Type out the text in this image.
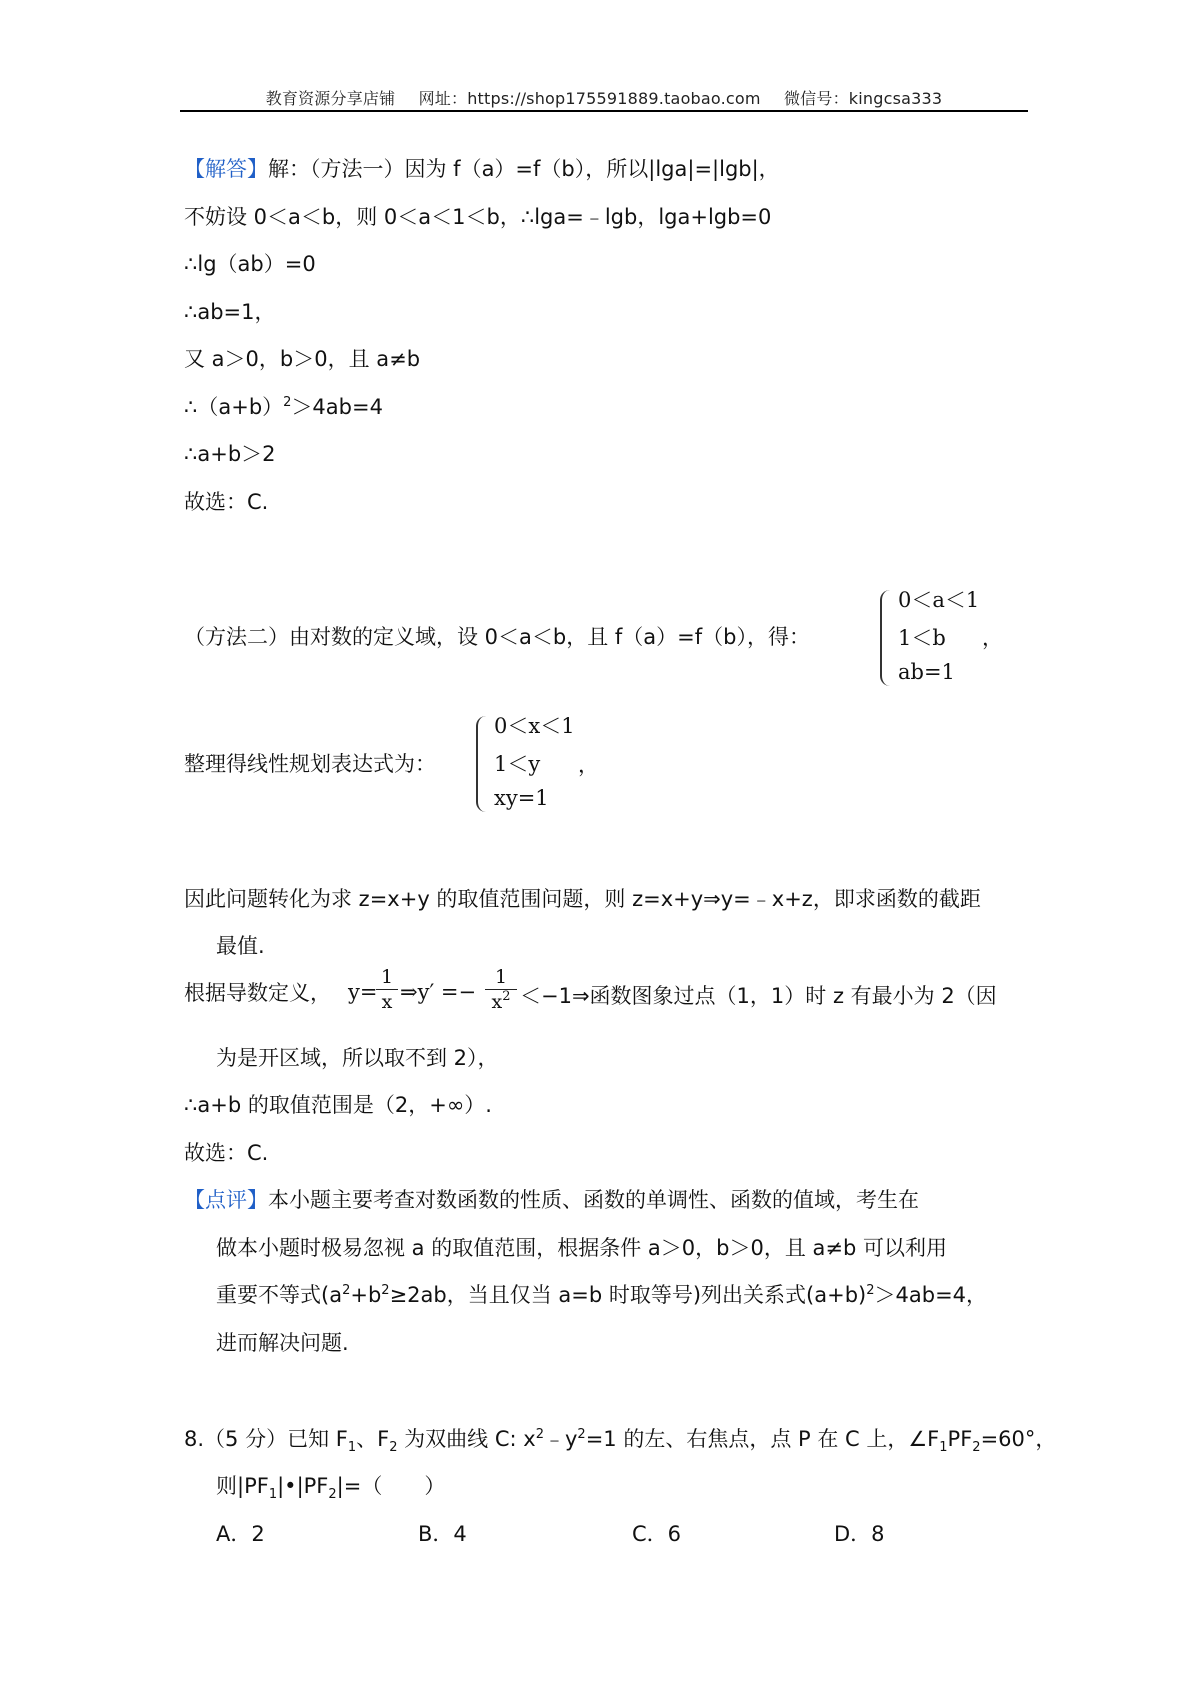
教育资源分享店铺 网址：https://shop175591889.taobao.com 微信号：kingcsa333
【解答】解：（方法一）因为 f（a）=f（b），所以|lga|=|lgb|，
不妨设 0＜a＜b，则 0＜a＜1＜b，∴lga=﹣lgb，lga+lgb=0
∴lg（ab）=0
∴ab=1，
又 a＞0，b＞0，且 a≠b
$\therefore(a+b)^2>4ab=4$
∴a+b＞2
故选：C.
（方法二）由对数的定义域，设 0＜a＜b，且 f（a）=f（b），得：
0＜a＜1
1＜b
ab=1
，
整理得线性规划表达式为：
0＜x＜1
1＜y
xy=1
，
因此问题转化为求 z=x+y 的取值范围问题，则 z=x+y⇒y=﹣x+z，即求函数的截距
最值.
根据导数定义， y=
1
x ⇒y′ =−
1
$x^2$ ＜−1⇒函数图象过点（1，1）时 z 有最小为 2（因
为是开区域，所以取不到 2），
∴a+b 的取值范围是（2，+∞）.
故选：C.
【点评】本小题主要考查对数函数的性质、函数的单调性、函数的值域，考生在
做本小题时极易忽视 a 的取值范围，根据条件 a＞0，b＞0，且 a≠b 可以利用
重要不等式($a^2+b^2\ge 2ab$，当且仅当 a=b 时取等号)列出关系式$(a+b)^2>4ab=4$，
进而解决问题.
8.（5 分）已知 $F_1$、$F_2$ 为双曲线 C: $x^2﹣y^2=1$ 的左、右焦点，点 P 在 C 上，$\angle F_1PF_2=60^\circ$，
则$|PF_1|•|PF_2|=$（　　）
A．2	B．4	C．6	D．8
